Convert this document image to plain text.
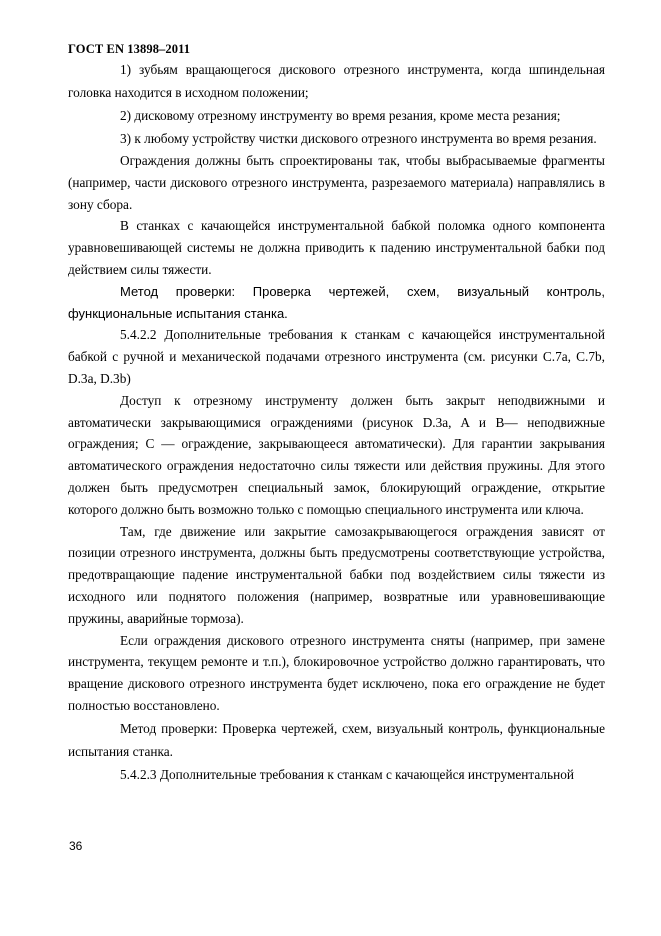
ГОСТ EN 13898–2011

1) зубьям вращающегося дискового отрезного инструмента, когда шпиндельная головка находится в исходном положении;

2) дисковому отрезному инструменту во время резания, кроме места резания;

3) к любому устройству чистки дискового отрезного инструмента во время резания.

Ограждения должны быть спроектированы так, чтобы выбрасываемые фрагменты (например, части дискового отрезного инструмента, разрезаемого материала) направлялись в зону сбора.

В станках с качающейся инструментальной бабкой поломка одного компонента уравновешивающей системы не должна приводить к падению инструментальной бабки под действием силы тяжести.

Метод проверки: Проверка чертежей, схем, визуальный контроль, функциональные испытания станка.

5.4.2.2 Дополнительные требования к станкам с качающейся инструментальной бабкой с ручной и механической подачами отрезного инструмента (см. рисунки С.7a, С.7b, D.3a, D.3b)

Доступ к отрезному инструменту должен быть закрыт неподвижными и автоматически закрывающимися ограждениями (рисунок D.3a, A и B— неподвижные ограждения; C — ограждение, закрывающееся автоматически). Для гарантии закрывания автоматического ограждения недостаточно силы тяжести или действия пружины. Для этого должен быть предусмотрен специальный замок, блокирующий ограждение, открытие которого должно быть возможно только с помощью специального инструмента или ключа.

Там, где движение или закрытие самозакрывающегося ограждения зависят от позиции отрезного инструмента, должны быть предусмотрены соответствующие устройства, предотвращающие падение инструментальной бабки под воздействием силы тяжести из исходного или поднятого положения (например, возвратные или уравновешивающие пружины, аварийные тормоза).

Если ограждения дискового отрезного инструмента сняты (например, при замене инструмента, текущем ремонте и т.п.), блокировочное устройство должно гарантировать, что вращение дискового отрезного инструмента будет исключено, пока его ограждение не будет полностью восстановлено.

Метод проверки: Проверка чертежей, схем, визуальный контроль, функциональные испытания станка.

5.4.2.3 Дополнительные требования к станкам с качающейся инструментальной

36
